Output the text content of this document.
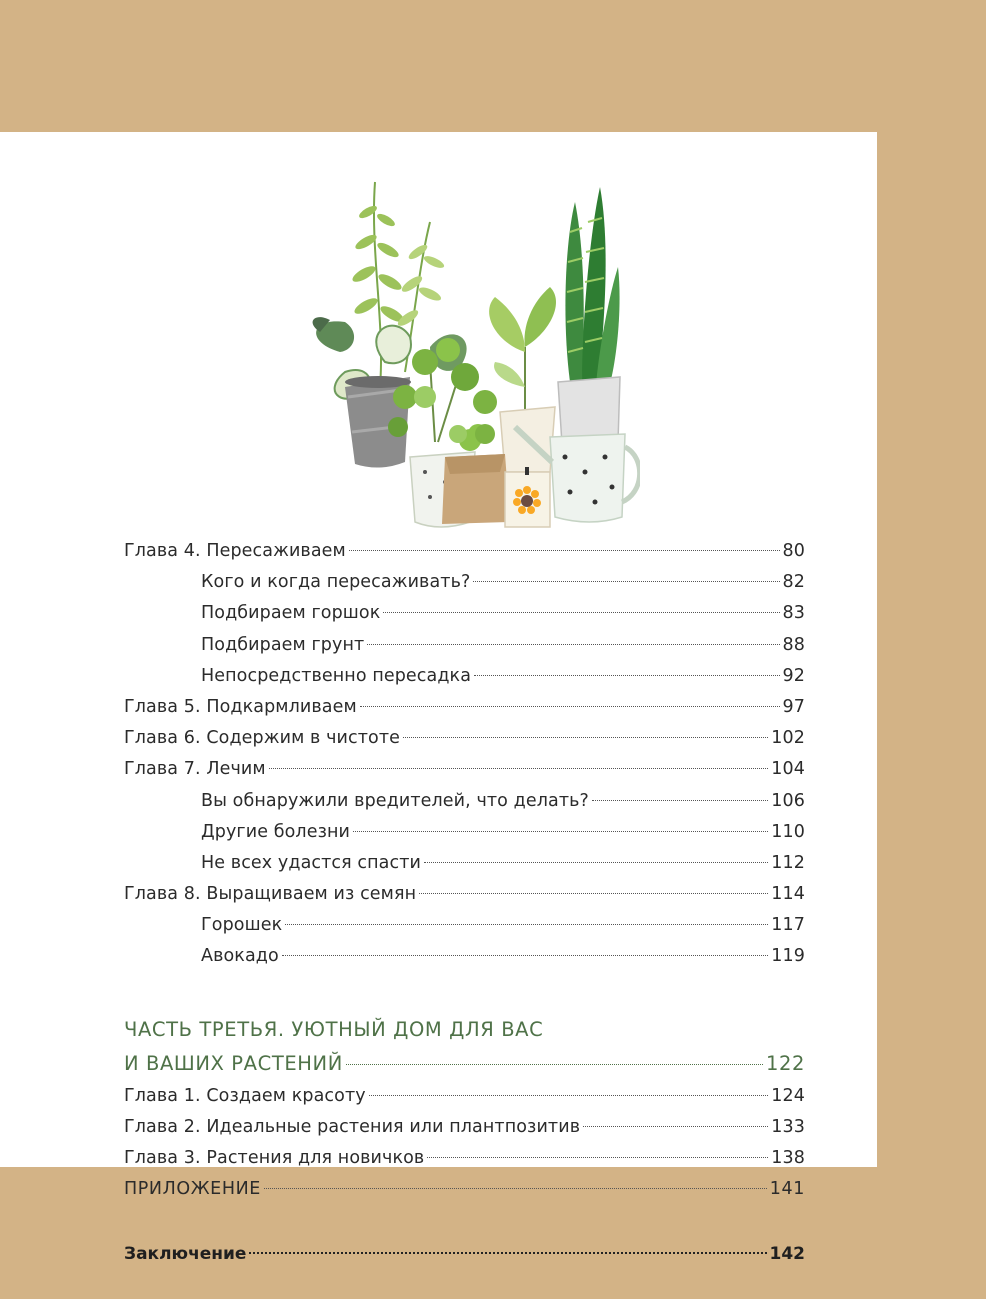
Глава 4. Пересаживаем	80
Кого и когда пересаживать?	82
Подбираем горшок	83
Подбираем грунт	88
Непосредственно пересадка	92
Глава 5. Подкармливаем	97
Глава 6. Содержим в чистоте	102
Глава 7. Лечим	104
Вы обнаружили вредителей, что делать?	106
Другие болезни	110
Не всех удастся спасти	112
Глава 8. Выращиваем из семян	114
Горошек	117
Авокадо	119
ЧАСТЬ ТРЕТЬЯ. УЮТНЫЙ ДОМ ДЛЯ ВАС
И ВАШИХ РАСТЕНИЙ	122
Глава 1. Создаем красоту	124
Глава 2. Идеальные растения или плантпозитив	133
Глава 3. Растения для новичков	138
ПРИЛОЖЕНИЕ	141
Заключение	142
